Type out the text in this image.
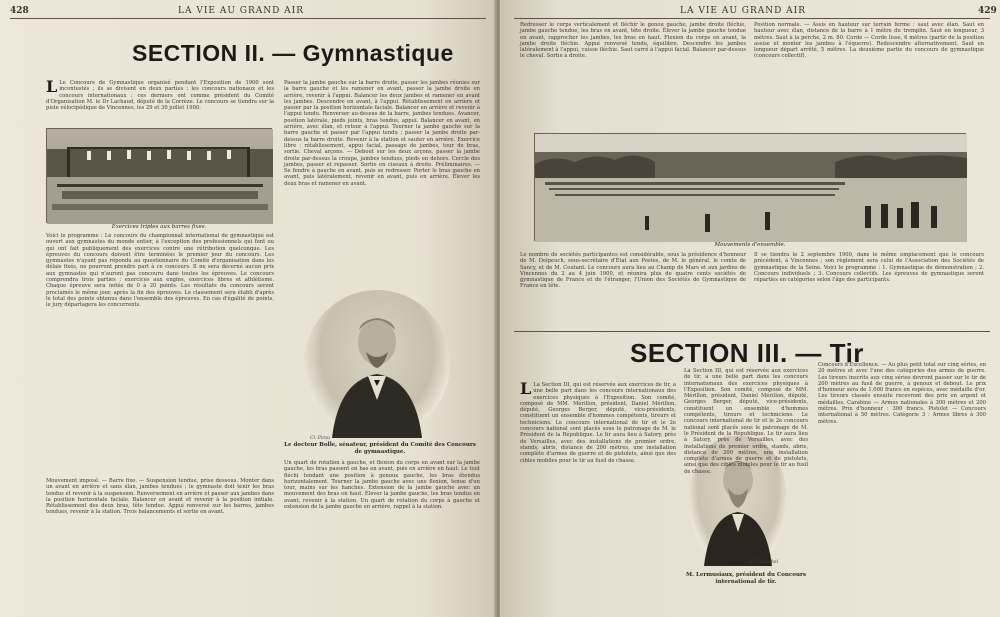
428	LA VIE AU GRAND AIR
SECTION II. — Gymnastique
L Le Concours de Gymnastique organisé pendant l'Exposition de 1900 sont incontestés ; ils se divisent en deux parties : les concours nationaux et les concours internationaux ; ces derniers ont comme président du Comité d'Organisation M. le Dr Lachaud, député de la Corrèze. Le concours se tiendra sur la piste vélocipédique de Vincennes, les 29 et 30 juillet 1900.
Exercices triples aux barres fixes.
Voici le programme : Le concours du championnat international de gymnastique est ouvert aux gymnastes du monde entier, à l'exception des professionnels qui font ou qui ont fait publiquement des exercices contre une rétribution quelconque. Les épreuves du concours doivent être terminées le premier jour du concours. Les gymnastes n'ayant pas répondu au questionnaire du Comité d'organisation dans les délais fixés, ne pourront prendre part à ce concours. Il ne sera décerné aucun prix aux gymnastes qui n'auront pas concouru dans toutes les épreuves. Le concours comprendra trois parties : exercices aux engins, exercices libres et athlétisme. Chaque épreuve sera notée de 0 à 20 points. Les résultats du concours seront proclamés le même jour, après la fin des épreuves. Le classement sera établi d'après le total des points obtenus dans l'ensemble des épreuves. En cas d'égalité de points, le jury départagera les concurrents.
Mouvement imposé. — Barre fixe. — Suspension tendue, prise dessous. Monter dans un avant en arrière et sans élan, jambes tendues ; le gymnaste doit tenir les bras tendus et revenir à la suspension. Renversement en arrière et passer aux jambes dans la position horizontale faciale. Balancer en avant et revenir à la position initiale. Rétablissement des deux bras, tête tendue. Appui renversé sur les barres, jambes tendues, revenir à la station. Trois balancements et sortie en avant.
Passer la jambe gauche sur la barre droite, passer les jambes réunies sur la barre gauche et les ramener en avant, passer la jambe droite en arrière, revenir à l'appui. Balancer les deux jambes et ramener en avant les jambes. Descendre en avant, à l'appui. Rétablissement en arrière et passer par la position horizontale faciale. Balancer en arrière et revenir à l'appui tendu. Renverser au-dessus de la barre, jambes tendues. Avancer, position latérale, pieds joints, bras tendus, appui. Balancer en avant, en arrière, avec élan, et retour à l'appui. Tourner la jambe gauche sur la barre gauche et passer par l'appui tendu ; passer la jambe droite par-dessus la barre droite. Revenir à la station et sauter en arrière. Exercice libre : rétablissement, appui facial, passage de jambes, tour de bras, sortie. Cheval arçons. — Debout sur les deux arçons, passer la jambe droite par-dessus la croupe, jambes tendues, pieds en dehors. Cercle des jambes, passer et repasser. Sortie en ciseaux à droite. Préliminaires. — Se fendre à gauche en avant, puis se redresser. Porter le bras gauche en avant, puis latéralement, revenir en avant, puis en arrière. Élever les deux bras et ramener en avant.
Cl. Pirou
Le docteur Bolle, sénateur, président du Comité des Concours de gymnastique.
Un quart de rotation à gauche, et flexion du corps en avant sur la jambe gauche, les bras passent en bas en avant, puis en arrière en haut. Le tout fléchi tendant une position à genoux gauche, les bras étendus horizontalement. Tourner la jambe gauche avec une flexion, tenue d'un tour, mains sur les hanches. Extension de la jambe gauche avec un mouvement des bras en haut. Élever la jambe gauche, les bras tendus en avant, revenir à la station. Un quart de rotation du corps à gauche et extension de la jambe gauche en arrière, rappel à la station.
LA VIE AU GRAND AIR	429
Redresser le corps verticalement et fléchir le genou gauche, jambe droite fléchie, jambe gauche tendue, les bras en avant, tête droite. Élever la jambe gauche tendue en avant, rapprocher les jambes, les bras en haut. Flexion du corps en avant, la jambe droite fléchie. Appui renversé tendu, équilibre. Descendre les jambes latéralement à l'appui, cuisse fléchie. Saut carré à l'appui facial. Balancer par-dessus le cheval. Sortie à droite.
Position normale. — Assis en hauteur sur terrain ferme : saut avec élan. Saut en hauteur avec élan, distance de la barre à 1 mètre du tremplin. Saut en longueur, 3 mètres. Saut à la perche, 2 m. 80. Corde — Corde lisse, 6 mètres (partir de la position assise et monter les jambes à l'équerre). Redescendre alternativement. Saut en longueur départ arrêté, 5 mètres. La deuxième partie du concours de gymnastique (concours collectif).
Mouvements d'ensemble.
Le nombre de sociétés participantes est considérable, sous la présidence d'honneur de M. Delpeuch, sous-secrétaire d'État aux Postes, de M. le général, le comte de Sancy, et de M. Coutant. Le concours aura lieu au Champ de Mars et aux jardins de Vincennes du 2 au 4 juin 1900, et réunira plus de quatre cents sociétés de gymnastique de France et de l'étranger, l'Union des Sociétés de Gymnastique de France en tête.
Il se tiendra le 2 septembre 1900, dans le même emplacement que le concours précédent, à Vincennes ; son règlement sera celui de l'Association des Sociétés de gymnastique de la Seine. Voici le programme : 1. Gymnastique de démonstration ; 2. Concours individuels ; 3. Concours collectifs. Les épreuves de gymnastique seront réparties en catégories selon l'âge des participants.
SECTION III. — Tir
L La Section III, qui est réservée aux exercices de tir, a une belle part dans les concours internationaux des exercices physiques à l'Exposition. Son comité, composé de MM. Mérillon, président, Daniel Mérillon, député, Georges Berger, député, vice-présidents, constituent un ensemble d'hommes compétents, tireurs et techniciens. Le concours international de tir et le 2e concours national sont placés sous le patronage de M. le Président de la République. Le tir aura lieu à Satory, près de Versailles, avec des installations de premier ordre, stands, abris, distance de 200 mètres, une installation complète d'armes de guerre et de pistolets, ainsi que des cibles mobiles pour le tir au fusil de chasse.
Cl. Gerschel
M. Lermusiaux, président du Concours international de tir.
La Section III, qui est réservée aux exercices de tir, a une belle part dans les concours internationaux des exercices physiques à l'Exposition. Son comité, composé de MM. Mérillon, président, Daniel Mérillon, député, Georges Berger, député, vice-présidents, constituent un ensemble d'hommes compétents, tireurs et techniciens. Le concours international de tir et le 2e concours national sont placés sous le patronage de M. le Président de la République. Le tir aura lieu à Satory, près de Versailles, avec des installations de premier ordre, stands, abris, distance de 200 mètres, une installation complète d'armes de guerre et de pistolets, ainsi que des cibles mobiles pour le tir au fusil de chasse.
Concours d'Excellence. — Au plus petit total sur cinq séries, en 20 mètres et avec l'une des catégories des armes de guerre. Les tireurs inscrits aux cinq séries devront passer sur le tir de 200 mètres au fusil de guerre, à genoux et debout. Le prix d'honneur sera de 1.000 francs en espèces, avec médaille d'or. Les tireurs classés ensuite recevront des prix en argent et médailles. Carabine — Armes nationales à 300 mètres et 200 mètres. Prix d'honneur : 300 francs. Pistolet — Concours international à 50 mètres. Catégorie 3 : Armes libres à 300 mètres.
